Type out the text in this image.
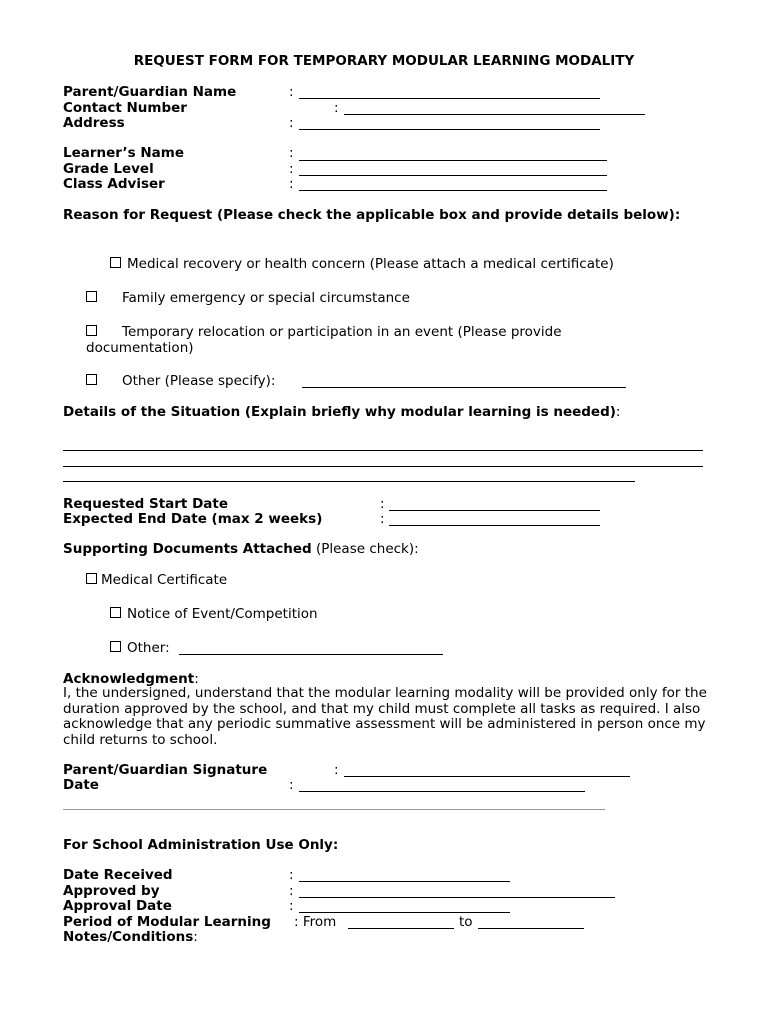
REQUEST FORM FOR TEMPORARY MODULAR LEARNING MODALITY
Parent/Guardian Name	:
Contact Number	:
Address	:
Learner’s Name	:
Grade Level	:
Class Adviser	:
Reason for Request (Please check the applicable box and provide details below):
Medical recovery or health concern (Please attach a medical certificate)
Family emergency or special circumstance
Temporary relocation or participation in an event (Please provide documentation)
Other (Please specify):
Details of the Situation (Explain briefly why modular learning is needed):
Requested Start Date	:
Expected End Date (max 2 weeks)	:
Supporting Documents Attached (Please check):
Medical Certificate
Notice of Event/Competition
Other:
Acknowledgment:
I, the undersigned, understand that the modular learning modality will be provided only for the duration approved by the school, and that my child must complete all tasks as required. I also acknowledge that any periodic summative assessment will be administered in person once my child returns to school.
Parent/Guardian Signature	:
Date	:
For School Administration Use Only:
Date Received	:
Approved by	:
Approval Date	:
Period of Modular Learning : From	to
Notes/Conditions:
